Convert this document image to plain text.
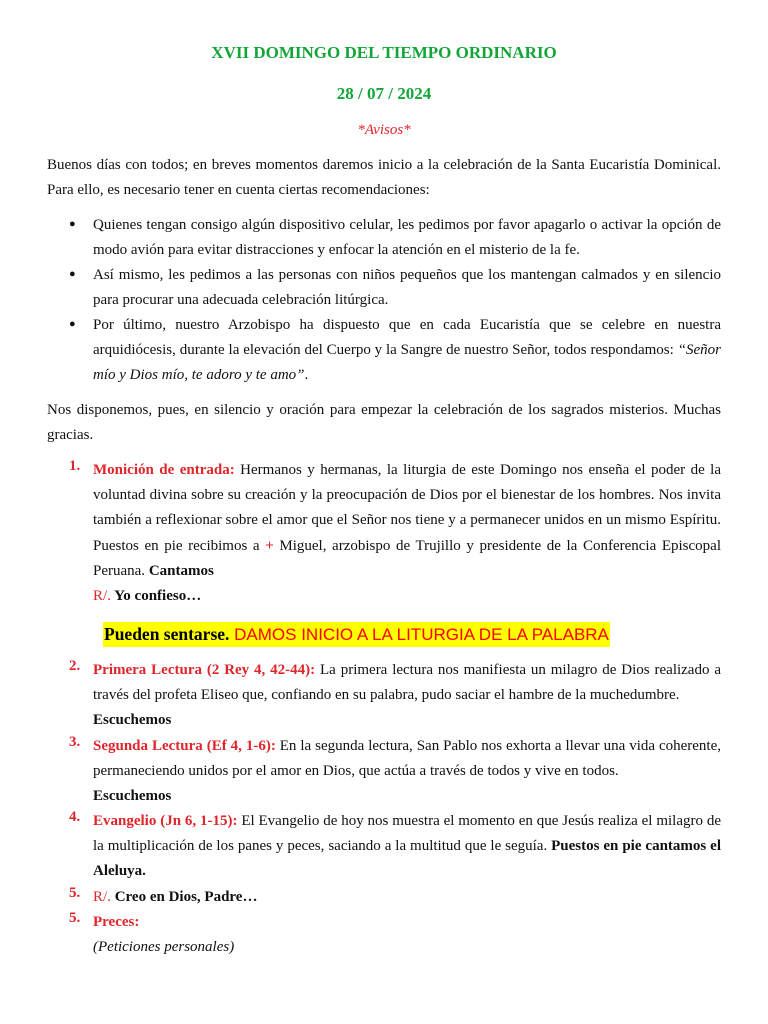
XVII DOMINGO DEL TIEMPO ORDINARIO
28 / 07 / 2024
*Avisos*
Buenos días con todos; en breves momentos daremos inicio a la celebración de la Santa Eucaristía Dominical. Para ello, es necesario tener en cuenta ciertas recomendaciones:
● Quienes tengan consigo algún dispositivo celular, les pedimos por favor apagarlo o activar la opción de modo avión para evitar distracciones y enfocar la atención en el misterio de la fe.
● Así mismo, les pedimos a las personas con niños pequeños que los mantengan calmados y en silencio para procurar una adecuada celebración litúrgica.
● Por último, nuestro Arzobispo ha dispuesto que en cada Eucaristía que se celebre en nuestra arquidiócesis, durante la elevación del Cuerpo y la Sangre de nuestro Señor, todos respondamos: “Señor mío y Dios mío, te adoro y te amo”.
Nos disponemos, pues, en silencio y oración para empezar la celebración de los sagrados misterios. Muchas gracias.
1. Monición de entrada: Hermanos y hermanas, la liturgia de este Domingo nos enseña el poder de la voluntad divina sobre su creación y la preocupación de Dios por el bienestar de los hombres. Nos invita también a reflexionar sobre el amor que el Señor nos tiene y a permanecer unidos en un mismo Espíritu. Puestos en pie recibimos a + Miguel, arzobispo de Trujillo y presidente de la Conferencia Episcopal Peruana. Cantamos
R/. Yo confieso…
Pueden sentarse. DAMOS INICIO A LA LITURGIA DE LA PALABRA
2. Primera Lectura (2 Rey 4, 42-44): La primera lectura nos manifiesta un milagro de Dios realizado a través del profeta Eliseo que, confiando en su palabra, pudo saciar el hambre de la muchedumbre.
Escuchemos
3. Segunda Lectura (Ef 4, 1-6): En la segunda lectura, San Pablo nos exhorta a llevar una vida coherente, permaneciendo unidos por el amor en Dios, que actúa a través de todos y vive en todos.
Escuchemos
4. Evangelio (Jn 6, 1-15): El Evangelio de hoy nos muestra el momento en que Jesús realiza el milagro de la multiplicación de los panes y peces, saciando a la multitud que le seguía. Puestos en pie cantamos el Aleluya.
5. R/. Creo en Dios, Padre…
5. Preces:
(Peticiones personales)
